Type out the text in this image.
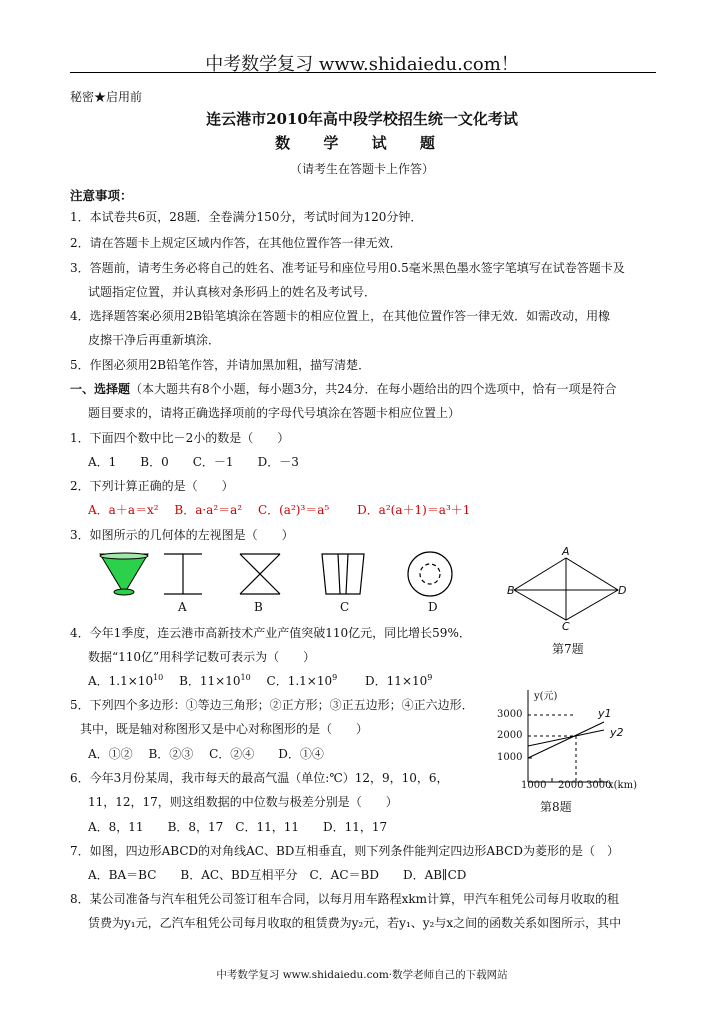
中考数学复习 www.shidaiedu.com！
秘密★启用前
连云港市2010年高中段学校招生统一文化考试
数 学 试 题
（请考生在答题卡上作答）
注意事项：
1．本试卷共6页，28题．全卷满分150分，考试时间为120分钟．
2．请在答题卡上规定区域内作答，在其他位置作答一律无效．
3．答题前，请考生务必将自己的姓名、准考证号和座位号用0.5毫米黑色墨水签字笔填写在试卷答题卡及
试题指定位置，并认真核对条形码上的姓名及考试号．
4．选择题答案必须用2B铅笔填涂在答题卡的相应位置上，在其他位置作答一律无效．如需改动，用橡
皮擦干净后再重新填涂．
5．作图必须用2B铅笔作答，并请加黑加粗，描写清楚．
一、选择题（本大题共有8个小题，每小题3分，共24分．在每小题给出的四个选项中，恰有一项是符合
题目要求的，请将正确选择项前的字母代号填涂在答题卡相应位置上）
1．下面四个数中比－2小的数是（　　）
A．1　　B．0　　C．－1　　D．－3
2．下列计算正确的是（　　）
A．a＋a＝x²　 B．a·a²＝a²　 C．(a²)³＝a⁵　　 D．a²(a＋1)＝a³＋1
3．如图所示的几何体的左视图是（　　）
A	B	C	D
A
B
C
D
第7题
4．今年1季度，连云港市高新技术产业产值突破110亿元，同比增长59%．
数据“110亿”用科学记数可表示为（　　）
A．$1.1\times 10^{10}$　 B．$11\times 10^{10}$　 C．$1.1\times 10^9$　　 D．$11\times 10^9$
5．下列四个多边形：①等边三角形；②正方形；③正五边形；④正六边形．
其中，既是轴对称图形又是中心对称图形的是（　　）
A．①②　 B．②③　 C．②④　　D．①④
y(元)
3000
2000
1000
1000 2000 3000
x(km)
y1
y2
第8题
6．今年3月份某周，我市每天的最高气温（单位:℃）12，9，10，6，
11，12，17，则这组数据的中位数与极差分别是（　　）
A．8，11　　B．8，17　C．11，11　　D．11，17
7．如图，四边形ABCD的对角线AC、BD互相垂直，则下列条件能判定四边形ABCD为菱形的是（　）
A．BA＝BC　　B．AC、BD互相平分　C．AC＝BD　　D．AB∥CD
8．某公司准备与汽车租凭公司签订租车合同，以每月用车路程xkm计算，甲汽车租凭公司每月收取的租
赁费为y₁元，乙汽车租凭公司每月收取的租赁费为y₂元，若y₁、y₂与x之间的函数关系如图所示，其中
中考数学复习 www.shidaiedu.com·数学老师自己的下载网站
